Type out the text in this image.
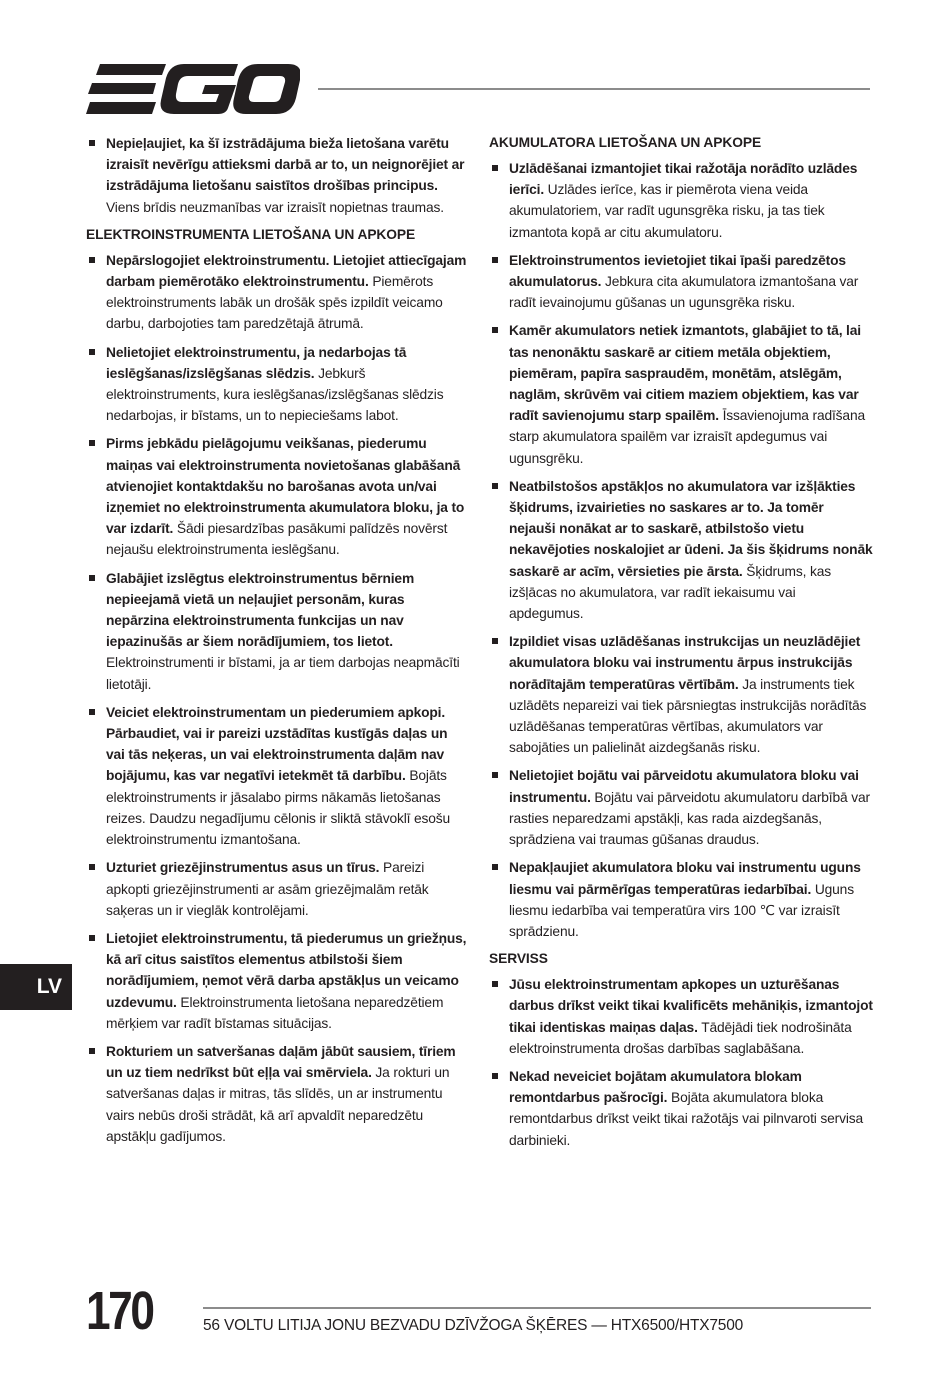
Nepieļaujiet, ka šī izstrādājuma bieža lietošana varētu izraisīt nevērīgu attieksmi darbā ar to, un neignorējiet ar izstrādājuma lietošanu saistītos drošības principus. Viens brīdis neuzmanības var izraisīt nopietnas traumas.
ELEKTROINSTRUMENTA LIETOŠANA UN APKOPE
Nepārslogojiet elektroinstrumentu. Lietojiet attiecīgajam darbam piemērotāko elektroinstrumentu. Piemērots elektroinstruments labāk un drošāk spēs izpildīt veicamo darbu, darbojoties tam paredzētajā ātrumā.
Nelietojiet elektroinstrumentu, ja nedarbojas tā ieslēgšanas/izslēgšanas slēdzis. Jebkurš elektroinstruments, kura ieslēgšanas/izslēgšanas slēdzis nedarbojas, ir bīstams, un to nepieciešams labot.
Pirms jebkādu pielāgojumu veikšanas, piederumu maiņas vai elektroinstrumenta novietošanas glabāšanā atvienojiet kontaktdakšu no barošanas avota un/vai izņemiet no elektroinstrumenta akumulatora bloku, ja to var izdarīt. Šādi piesardzības pasākumi palīdzēs novērst nejaušu elektroinstrumenta ieslēgšanu.
Glabājiet izslēgtus elektroinstrumentus bērniem nepieejamā vietā un neļaujiet personām, kuras nepārzina elektroinstrumenta funkcijas un nav iepazinušās ar šiem norādījumiem, tos lietot. Elektroinstrumenti ir bīstami, ja ar tiem darbojas neapmācīti lietotāji.
Veiciet elektroinstrumentam un piederumiem apkopi. Pārbaudiet, vai ir pareizi uzstādītas kustīgās daļas un vai tās neķeras, un vai elektroinstrumenta daļām nav bojājumu, kas var negatīvi ietekmēt tā darbību. Bojāts elektroinstruments ir jāsalabo pirms nākamās lietošanas reizes. Daudzu negadījumu cēlonis ir sliktā stāvoklī esošu elektroinstrumentu izmantošana.
Uzturiet griezējinstrumentus asus un tīrus. Pareizi apkopti griezējinstrumenti ar asām griezējmalām retāk saķeras un ir vieglāk kontrolējami.
Lietojiet elektroinstrumentu, tā piederumus un griežņus, kā arī citus saistītos elementus atbilstoši šiem norādījumiem, ņemot vērā darba apstākļus un veicamo uzdevumu. Elektroinstrumenta lietošana neparedzētiem mērķiem var radīt bīstamas situācijas.
Rokturiem un satveršanas daļām jābūt sausiem, tīriem un uz tiem nedrīkst būt eļļa vai smērviela. Ja rokturi un satveršanas daļas ir mitras, tās slīdēs, un ar instrumentu vairs nebūs droši strādāt, kā arī apvaldīt neparedzētu apstākļu gadījumos.
AKUMULATORA LIETOŠANA UN APKOPE
Uzlādēšanai izmantojiet tikai ražotāja norādīto uzlādes ierīci. Uzlādes ierīce, kas ir piemērota viena veida akumulatoriem, var radīt ugunsgrēka risku, ja tas tiek izmantota kopā ar citu akumulatoru.
Elektroinstrumentos ievietojiet tikai īpaši paredzētos akumulatorus. Jebkura cita akumulatora izmantošana var radīt ievainojumu gūšanas un ugunsgrēka risku.
Kamēr akumulators netiek izmantots, glabājiet to tā, lai tas nenonāktu saskarē ar citiem metāla objektiem, piemēram, papīra saspraudēm, monētām, atslēgām, naglām, skrūvēm vai citiem maziem objektiem, kas var radīt savienojumu starp spailēm. Īssavienojuma radīšana starp akumulatora spailēm var izraisīt apdegumus vai ugunsgrēku.
Neatbilstošos apstākļos no akumulatora var izšļākties šķidrums, izvairieties no saskares ar to. Ja tomēr nejauši nonākat ar to saskarē, atbilstošo vietu nekavējoties noskalojiet ar ūdeni. Ja šis šķidrums nonāk saskarē ar acīm, vērsieties pie ārsta. Šķidrums, kas izšļācas no akumulatora, var radīt iekaisumu vai apdegumus.
Izpildiet visas uzlādēšanas instrukcijas un neuzlādējiet akumulatora bloku vai instrumentu ārpus instrukcijās norādītajām temperatūras vērtībām. Ja instruments tiek uzlādēts nepareizi vai tiek pārsniegtas instrukcijās norādītās uzlādēšanas temperatūras vērtības, akumulators var sabojāties un palielināt aizdegšanās risku.
Nelietojiet bojātu vai pārveidotu akumulatora bloku vai instrumentu. Bojātu vai pārveidotu akumulatoru darbībā var rasties neparedzami apstākļi, kas rada aizdegšanās, sprādziena vai traumas gūšanas draudus.
Nepakļaujiet akumulatora bloku vai instrumentu uguns liesmu vai pārmērīgas temperatūras iedarbībai. Uguns liesmu iedarbība vai temperatūra virs 100 ℃ var izraisīt sprādzienu.
SERVISS
Jūsu elektroinstrumentam apkopes un uzturēšanas darbus drīkst veikt tikai kvalificēts mehāniķis, izmantojot tikai identiskas maiņas daļas. Tādējādi tiek nodrošināta elektroinstrumenta drošas darbības saglabāšana.
Nekad neveiciet bojātam akumulatora blokam remontdarbus pašrocīgi. Bojāta akumulatora bloka remontdarbus drīkst veikt tikai ražotājs vai pilnvaroti servisa darbinieki.
LV
170	56 VOLTU LITIJA JONU BEZVADU DZĪVŽOGA ŠĶĒRES — HTX6500/HTX7500
